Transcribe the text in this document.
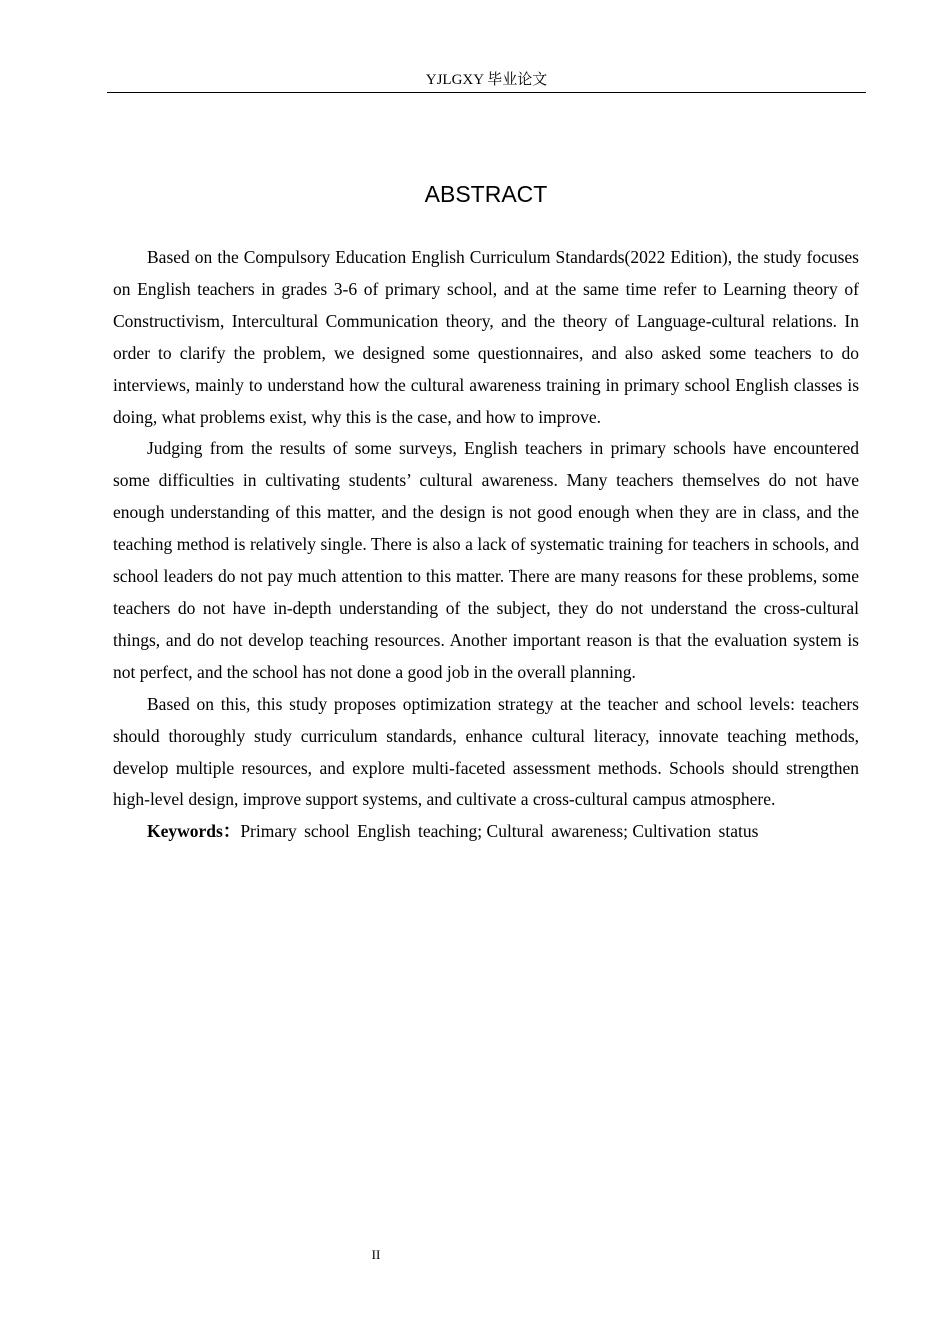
YJLGXY 毕业论文
ABSTRACT

Based on the Compulsory Education English Curriculum Standards(2022 Edition), the study focuses on English teachers in grades 3-6 of primary school, and at the same time refer to Learning theory of Constructivism, Intercultural Communication theory, and the theory of Language-cultural relations. In order to clarify the problem, we designed some questionnaires, and also asked some teachers to do interviews, mainly to understand how the cultural awareness training in primary school English classes is doing, what problems exist, why this is the case, and how to improve.

Judging from the results of some surveys, English teachers in primary schools have encountered some difficulties in cultivating students’ cultural awareness. Many teachers themselves do not have enough understanding of this matter, and the design is not good enough when they are in class, and the teaching method is relatively single. There is also a lack of systematic training for teachers in schools, and school leaders do not pay much attention to this matter. There are many reasons for these problems, some teachers do not have in-depth understanding of the subject, they do not understand the cross-cultural things, and do not develop teaching resources. Another important reason is that the evaluation system is not perfect, and the school has not done a good job in the overall planning.

Based on this, this study proposes optimization strategy at the teacher and school levels: teachers should thoroughly study curriculum standards, enhance cultural literacy, innovate teaching methods, develop multiple resources, and explore multi-faceted assessment methods. Schools should strengthen high-level design, improve support systems, and cultivate a cross-cultural campus atmosphere.

Keywords：Primary school English teaching; Cultural awareness; Cultivation status

II
